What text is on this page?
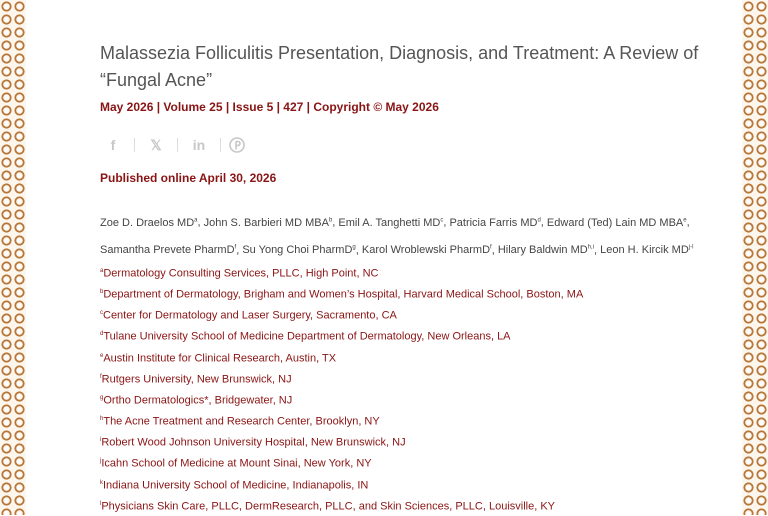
Malassezia Folliculitis Presentation, Diagnosis, and Treatment: A Review of “Fungal Acne”
May 2026 | Volume 25 | Issue 5 | 427 | Copyright © May 2026
f	𝕏	in
Published online April 30, 2026
Zoe D. Draelos $MD^a$, John S. Barbieri MD MBA$^b$, Emil A. Tanghetti $MD^c$, Patricia Farris $MD^d$, Edward (Ted) Lain MD MBA$^e$, Samantha Prevete PharmD$^f$, Su Yong Choi PharmD$^g$, Karol Wroblewski PharmD$^f$, Hilary Baldwin MD$^{h,i}$, Leon H. Kircik MD$^{j-l}$
$^a$Dermatology Consulting Services, PLLC, High Point, NC
$^b$Department of Dermatology, Brigham and Women’s Hospital, Harvard Medical School, Boston, MA
$^c$Center for Dermatology and Laser Surgery, Sacramento, CA
$^d$Tulane University School of Medicine Department of Dermatology, New Orleans, LA
$^e$Austin Institute for Clinical Research, Austin, TX
$^f$Rutgers University, New Brunswick, NJ
$^g$Ortho Dermatologics*, Bridgewater, NJ
$^h$The Acne Treatment and Research Center, Brooklyn, NY
$^i$Robert Wood Johnson University Hospital, New Brunswick, NJ
$^j$Icahn School of Medicine at Mount Sinai, New York, NY
$^k$Indiana University School of Medicine, Indianapolis, IN
$^l$Physicians Skin Care, PLLC, DermResearch, PLLC, and Skin Sciences, PLLC, Louisville, KY
